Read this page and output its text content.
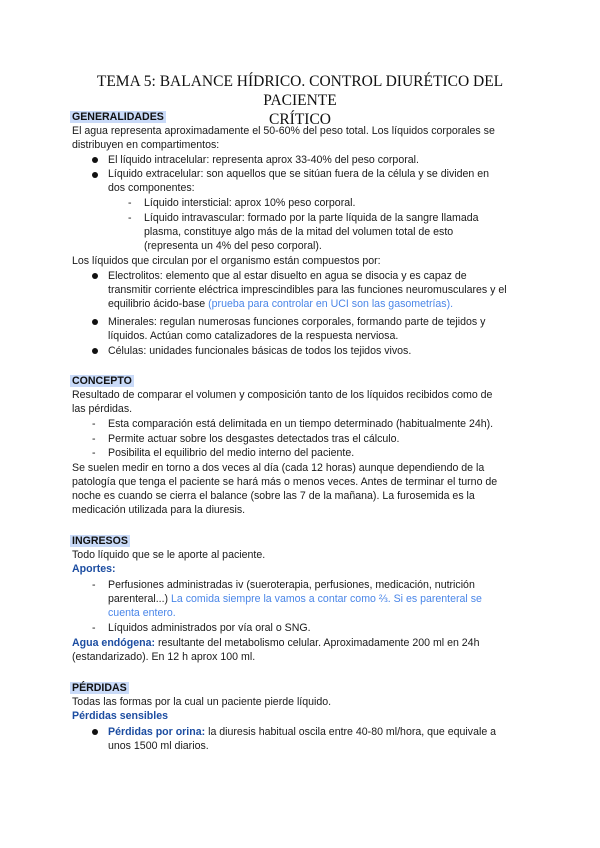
TEMA 5: BALANCE HÍDRICO. CONTROL DIURÉTICO DEL PACIENTE
CRÍTICO
GENERALIDADES
El agua representa aproximadamente el 50-60% del peso total. Los líquidos corporales se
distribuyen en compartimentos:
El líquido intracelular: representa aprox 33-40% del peso corporal.
Líquido extracelular: son aquellos que se sitúan fuera de la célula y se dividen en
dos componentes:
- Líquido intersticial: aprox 10% peso corporal.
- Líquido intravascular: formado por la parte líquida de la sangre llamada
plasma, constituye algo más de la mitad del volumen total de esto
(representa un 4% del peso corporal).
Los líquidos que circulan por el organismo están compuestos por:
Electrolitos: elemento que al estar disuelto en agua se disocia y es capaz de
transmitir corriente eléctrica imprescindibles para las funciones neuromusculares y el
equilibrio ácido-base (prueba para controlar en UCI son las gasometrías).
Minerales: regulan numerosas funciones corporales, formando parte de tejidos y
líquidos. Actúan como catalizadores de la respuesta nerviosa.
Células: unidades funcionales básicas de todos los tejidos vivos.
CONCEPTO
Resultado de comparar el volumen y composición tanto de los líquidos recibidos como de
las pérdidas.
- Esta comparación está delimitada en un tiempo determinado (habitualmente 24h).
- Permite actuar sobre los desgastes detectados tras el cálculo.
- Posibilita el equilibrio del medio interno del paciente.
Se suelen medir en torno a dos veces al día (cada 12 horas) aunque dependiendo de la
patología que tenga el paciente se hará más o menos veces. Antes de terminar el turno de
noche es cuando se cierra el balance (sobre las 7 de la mañana). La furosemida es la
medicación utilizada para la diuresis.
INGRESOS
Todo líquido que se le aporte al paciente.
Aportes:
- Perfusiones administradas iv (sueroterapia, perfusiones, medicación, nutrición
parenteral...) La comida siempre la vamos a contar como ⅔. Si es parenteral se
cuenta entero.
- Líquidos administrados por vía oral o SNG.
Agua endógena: resultante del metabolismo celular. Aproximadamente 200 ml en 24h
(estandarizado). En 12 h aprox 100 ml.
PÉRDIDAS
Todas las formas por la cual un paciente pierde líquido.
Pérdidas sensibles
Pérdidas por orina: la diuresis habitual oscila entre 40-80 ml/hora, que equivale a
unos 1500 ml diarios.
